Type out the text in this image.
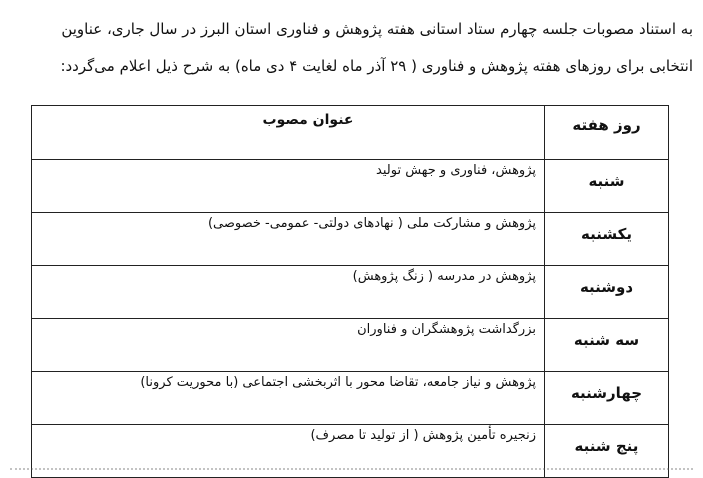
به استناد مصوبات جلسه چهارم ستاد استانی هفته پژوهش و فناوری استان البرز در سال جاری، عناوین
انتخابی برای روزهای هفته پژوهش و فناوری ( ۲۹ آذر ماه لغایت ۴ دی ماه) به شرح ذیل اعلام می‌گردد:
روز هفته	عنوان مصوب
شنبه	پژوهش، فناوری و جهش تولید
یکشنبه	پژوهش و مشارکت ملی ( نهادهای دولتی- عمومی- خصوصی)
دوشنبه	پژوهش در مدرسه ( زنگ پژوهش)
سه شنبه	بزرگداشت پژوهشگران و فناوران
چهارشنبه	پژوهش و نیاز جامعه، تقاضا محور با اثربخشی اجتماعی (با محوریت کرونا)
پنج شنبه	زنجیره تأمین پژوهش ( از تولید تا مصرف)
